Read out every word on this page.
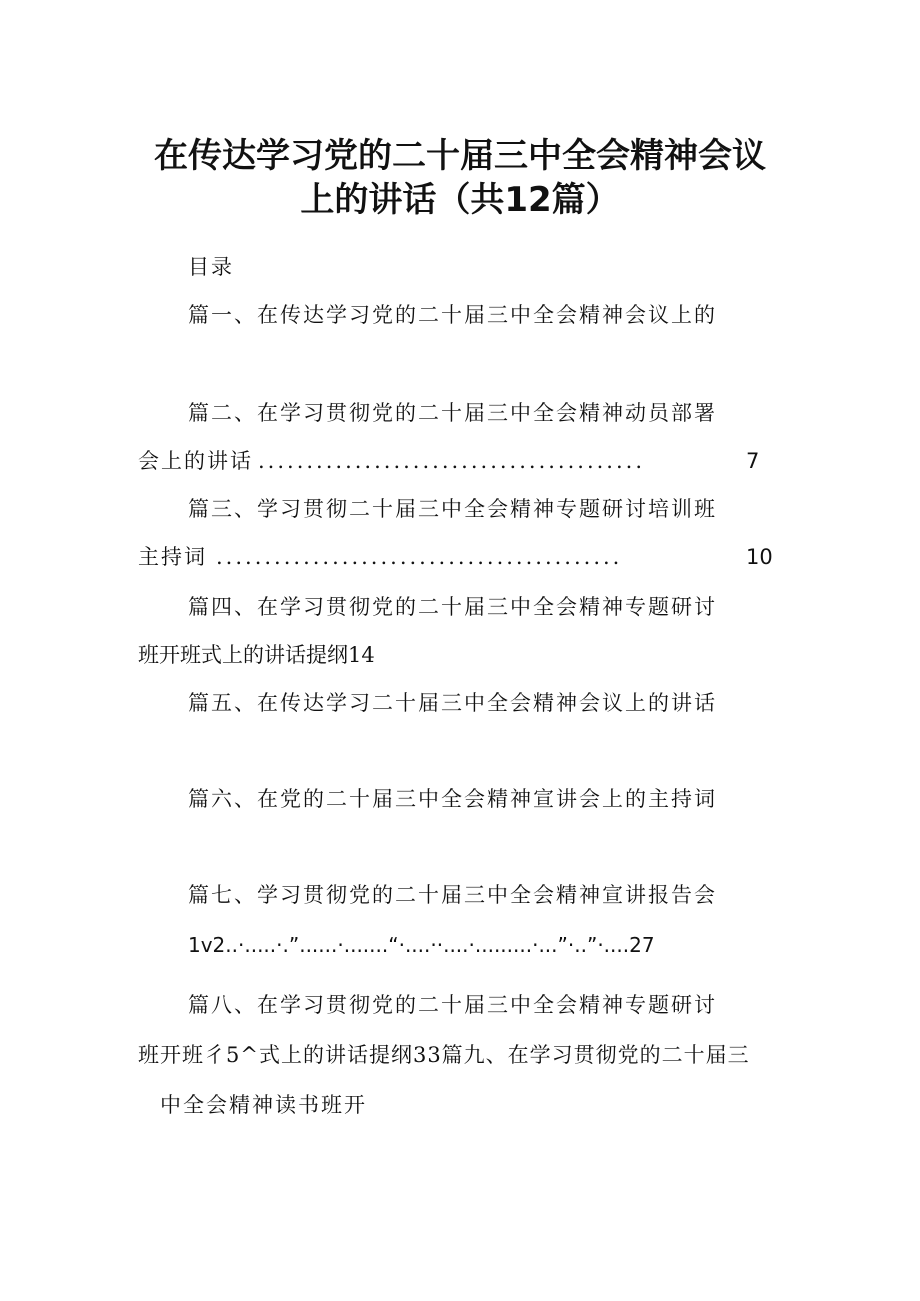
在传达学习党的二十届三中全会精神会议
上的讲话（共12篇）
目录
篇一、在传达学习党的二十届三中全会精神会议上的
篇二、在学习贯彻党的二十届三中全会精神动员部署
会上的讲话 ........................................	7
篇三、学习贯彻二十届三中全会精神专题研讨培训班
主持词 ..........................................	10
篇四、在学习贯彻党的二十届三中全会精神专题研讨
班开班式上的讲话提纲14
篇五、在传达学习二十届三中全会精神会议上的讲话
篇六、在党的二十届三中全会精神宣讲会上的主持词
篇七、学习贯彻党的二十届三中全会精神宣讲报告会
1v2..·.....·.”......·.......“·....··....·.........·...”·..”·....27
篇八、在学习贯彻党的二十届三中全会精神专题研讨
班开班彳5^式上的讲话提纲33篇九、在学习贯彻党的二十届三
中全会精神读书班开
